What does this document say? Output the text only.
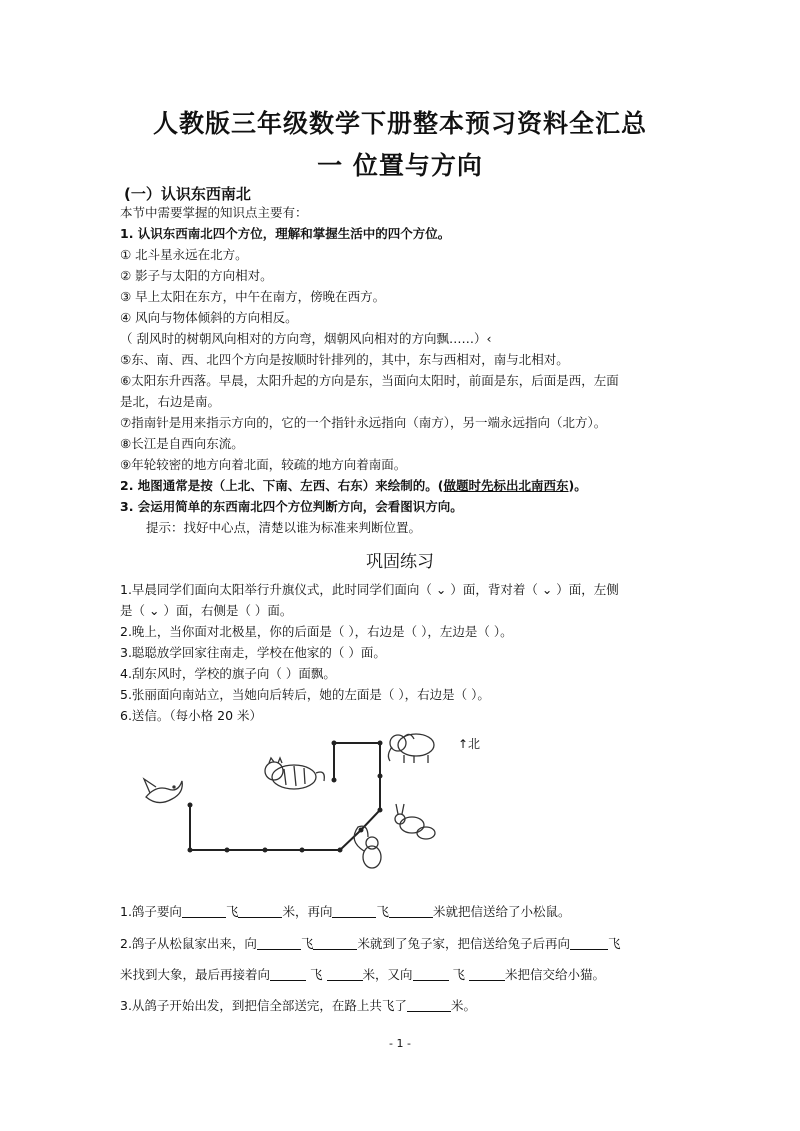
人教版三年级数学下册整本预习资料全汇总
一 位置与方向
(一）认识东西南北
本节中需要掌握的知识点主要有：
1. 认识东西南北四个方位，理解和掌握生活中的四个方位。
① 北斗星永远在北方。
② 影子与太阳的方向相对。
③ 早上太阳在东方，中午在南方，傍晚在西方。
④ 风向与物体倾斜的方向相反。
（ 刮风时的树朝风向相对的方向弯，烟朝风向相对的方向飘……）‹
⑤东、南、西、北四个方向是按顺时针排列的，其中，东与西相对，南与北相对。
⑥太阳东升西落。早晨，太阳升起的方向是东，当面向太阳时，前面是东，后面是西，左面
是北，右边是南。
⑦指南针是用来指示方向的，它的一个指针永远指向（南方），另一端永远指向（北方）。
⑧长江是自西向东流。
⑨年轮较密的地方向着北面，较疏的地方向着南面。
2. 地图通常是按（上北、下南、左西、右东）来绘制的。(做题时先标出北南西东)。
3. 会运用简单的东西南北四个方位判断方向，会看图识方向。
提示：找好中心点，清楚以谁为标准来判断位置。
巩固练习
1.早晨同学们面向太阳举行升旗仪式，此时同学们面向（ ⌄ ）面，背对着（ ⌄ ）面，左侧
是（ ⌄ ）面，右侧是（ ）面。
2.晚上，当你面对北极星，你的后面是（ ），右边是（ ），左边是（ ）。
3.聪聪放学回家往南走，学校在他家的（ ）面。
4.刮东风时，学校的旗子向（ ）面飘。
5.张丽面向南站立，当她向后转后，她的左面是（ ），右边是（ ）。
6.送信。（每小格 20 米）
↑北
1.鸽子要向	飞	米，再向	飞	米就把信送给了小松鼠。
2.鸽子从松鼠家出来，向	飞	米就到了兔子家，把信送给兔子后再向	飞
米找到大象，最后再接着向	飞	米，又向	飞	米把信交给小猫。
3.从鸽子开始出发，到把信全部送完，在路上共飞了	米。
- 1 -
